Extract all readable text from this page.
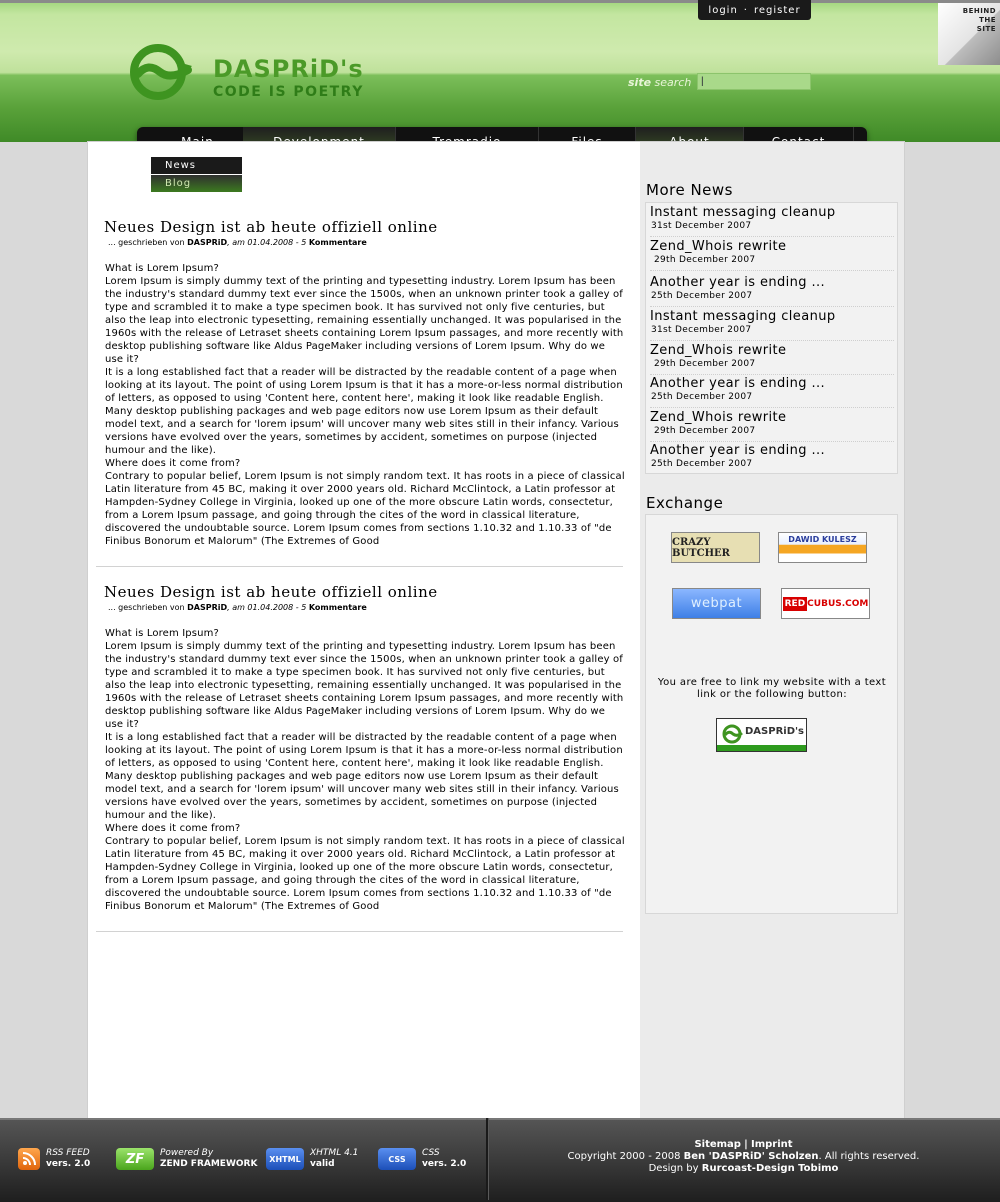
login · register	BEHIND
THE
SITE
DASPRiD's
CODE IS POETRY
site search
|
News
Blog
Neues Design ist ab heute offiziell online
... geschrieben von DASPRiD, am 01.04.2008 - 5 Kommentare

What is Lorem Ipsum?

Lorem Ipsum is simply dummy text of the printing and typesetting industry. Lorem Ipsum has been the industry's standard dummy text ever since the 1500s, when an unknown printer took a galley of type and scrambled it to make a type specimen book. It has survived not only five centuries, but also the leap into electronic typesetting, remaining essentially unchanged. It was popularised in the 1960s with the release of Letraset sheets containing Lorem Ipsum passages, and more recently with desktop publishing software like Aldus PageMaker including versions of Lorem Ipsum. Why do we use it?

It is a long established fact that a reader will be distracted by the readable content of a page when looking at its layout. The point of using Lorem Ipsum is that it has a more-or-less normal distribution of letters, as opposed to using 'Content here, content here', making it look like readable English. Many desktop publishing packages and web page editors now use Lorem Ipsum as their default model text, and a search for 'lorem ipsum' will uncover many web sites still in their infancy. Various versions have evolved over the years, sometimes by accident, sometimes on purpose (injected humour and the like).

Where does it come from?

Contrary to popular belief, Lorem Ipsum is not simply random text. It has roots in a piece of classical Latin literature from 45 BC, making it over 2000 years old. Richard McClintock, a Latin professor at Hampden-Sydney College in Virginia, looked up one of the more obscure Latin words, consectetur, from a Lorem Ipsum passage, and going through the cites of the word in classical literature, discovered the undoubtable source. Lorem Ipsum comes from sections 1.10.32 and 1.10.33 of "de Finibus Bonorum et Malorum" (The Extremes of Good

Neues Design ist ab heute offiziell online
... geschrieben von DASPRiD, am 01.04.2008 - 5 Kommentare

What is Lorem Ipsum?

Lorem Ipsum is simply dummy text of the printing and typesetting industry. Lorem Ipsum has been the industry's standard dummy text ever since the 1500s, when an unknown printer took a galley of type and scrambled it to make a type specimen book. It has survived not only five centuries, but also the leap into electronic typesetting, remaining essentially unchanged. It was popularised in the 1960s with the release of Letraset sheets containing Lorem Ipsum passages, and more recently with desktop publishing software like Aldus PageMaker including versions of Lorem Ipsum. Why do we use it?

It is a long established fact that a reader will be distracted by the readable content of a page when looking at its layout. The point of using Lorem Ipsum is that it has a more-or-less normal distribution of letters, as opposed to using 'Content here, content here', making it look like readable English. Many desktop publishing packages and web page editors now use Lorem Ipsum as their default model text, and a search for 'lorem ipsum' will uncover many web sites still in their infancy. Various versions have evolved over the years, sometimes by accident, sometimes on purpose (injected humour and the like).

Where does it come from?

Contrary to popular belief, Lorem Ipsum is not simply random text. It has roots in a piece of classical Latin literature from 45 BC, making it over 2000 years old. Richard McClintock, a Latin professor at Hampden-Sydney College in Virginia, looked up one of the more obscure Latin words, consectetur, from a Lorem Ipsum passage, and going through the cites of the word in classical literature, discovered the undoubtable source. Lorem Ipsum comes from sections 1.10.32 and 1.10.33 of "de Finibus Bonorum et Malorum" (The Extremes of Good

More News
Instant messaging cleanup
31st December 2007
Zend_Whois rewrite
29th December 2007
Another year is ending ...
25th December 2007
Instant messaging cleanup
31st December 2007
Zend_Whois rewrite
29th December 2007
Another year is ending ...
25th December 2007
Zend_Whois rewrite
29th December 2007
Another year is ending ...
25th December 2007
Exchange
CRAZY BUTCHER
DAWID KULESZ
webpat	RED CUBUS.COM
You are free to link my website with a text link or the following button:
DASPRiD's
RSS FEED
vers. 2.0	ZF	Powered By
ZEND FRAMEWORK	XHTML
XHTML 4.1
valid	CSS
CSS
vers. 2.0
Sitemap | Imprint
Copyright 2000 - 2008 Ben 'DASPRiD' Scholzen. All rights reserved.
Design by Rurcoast-Design Tobimo
